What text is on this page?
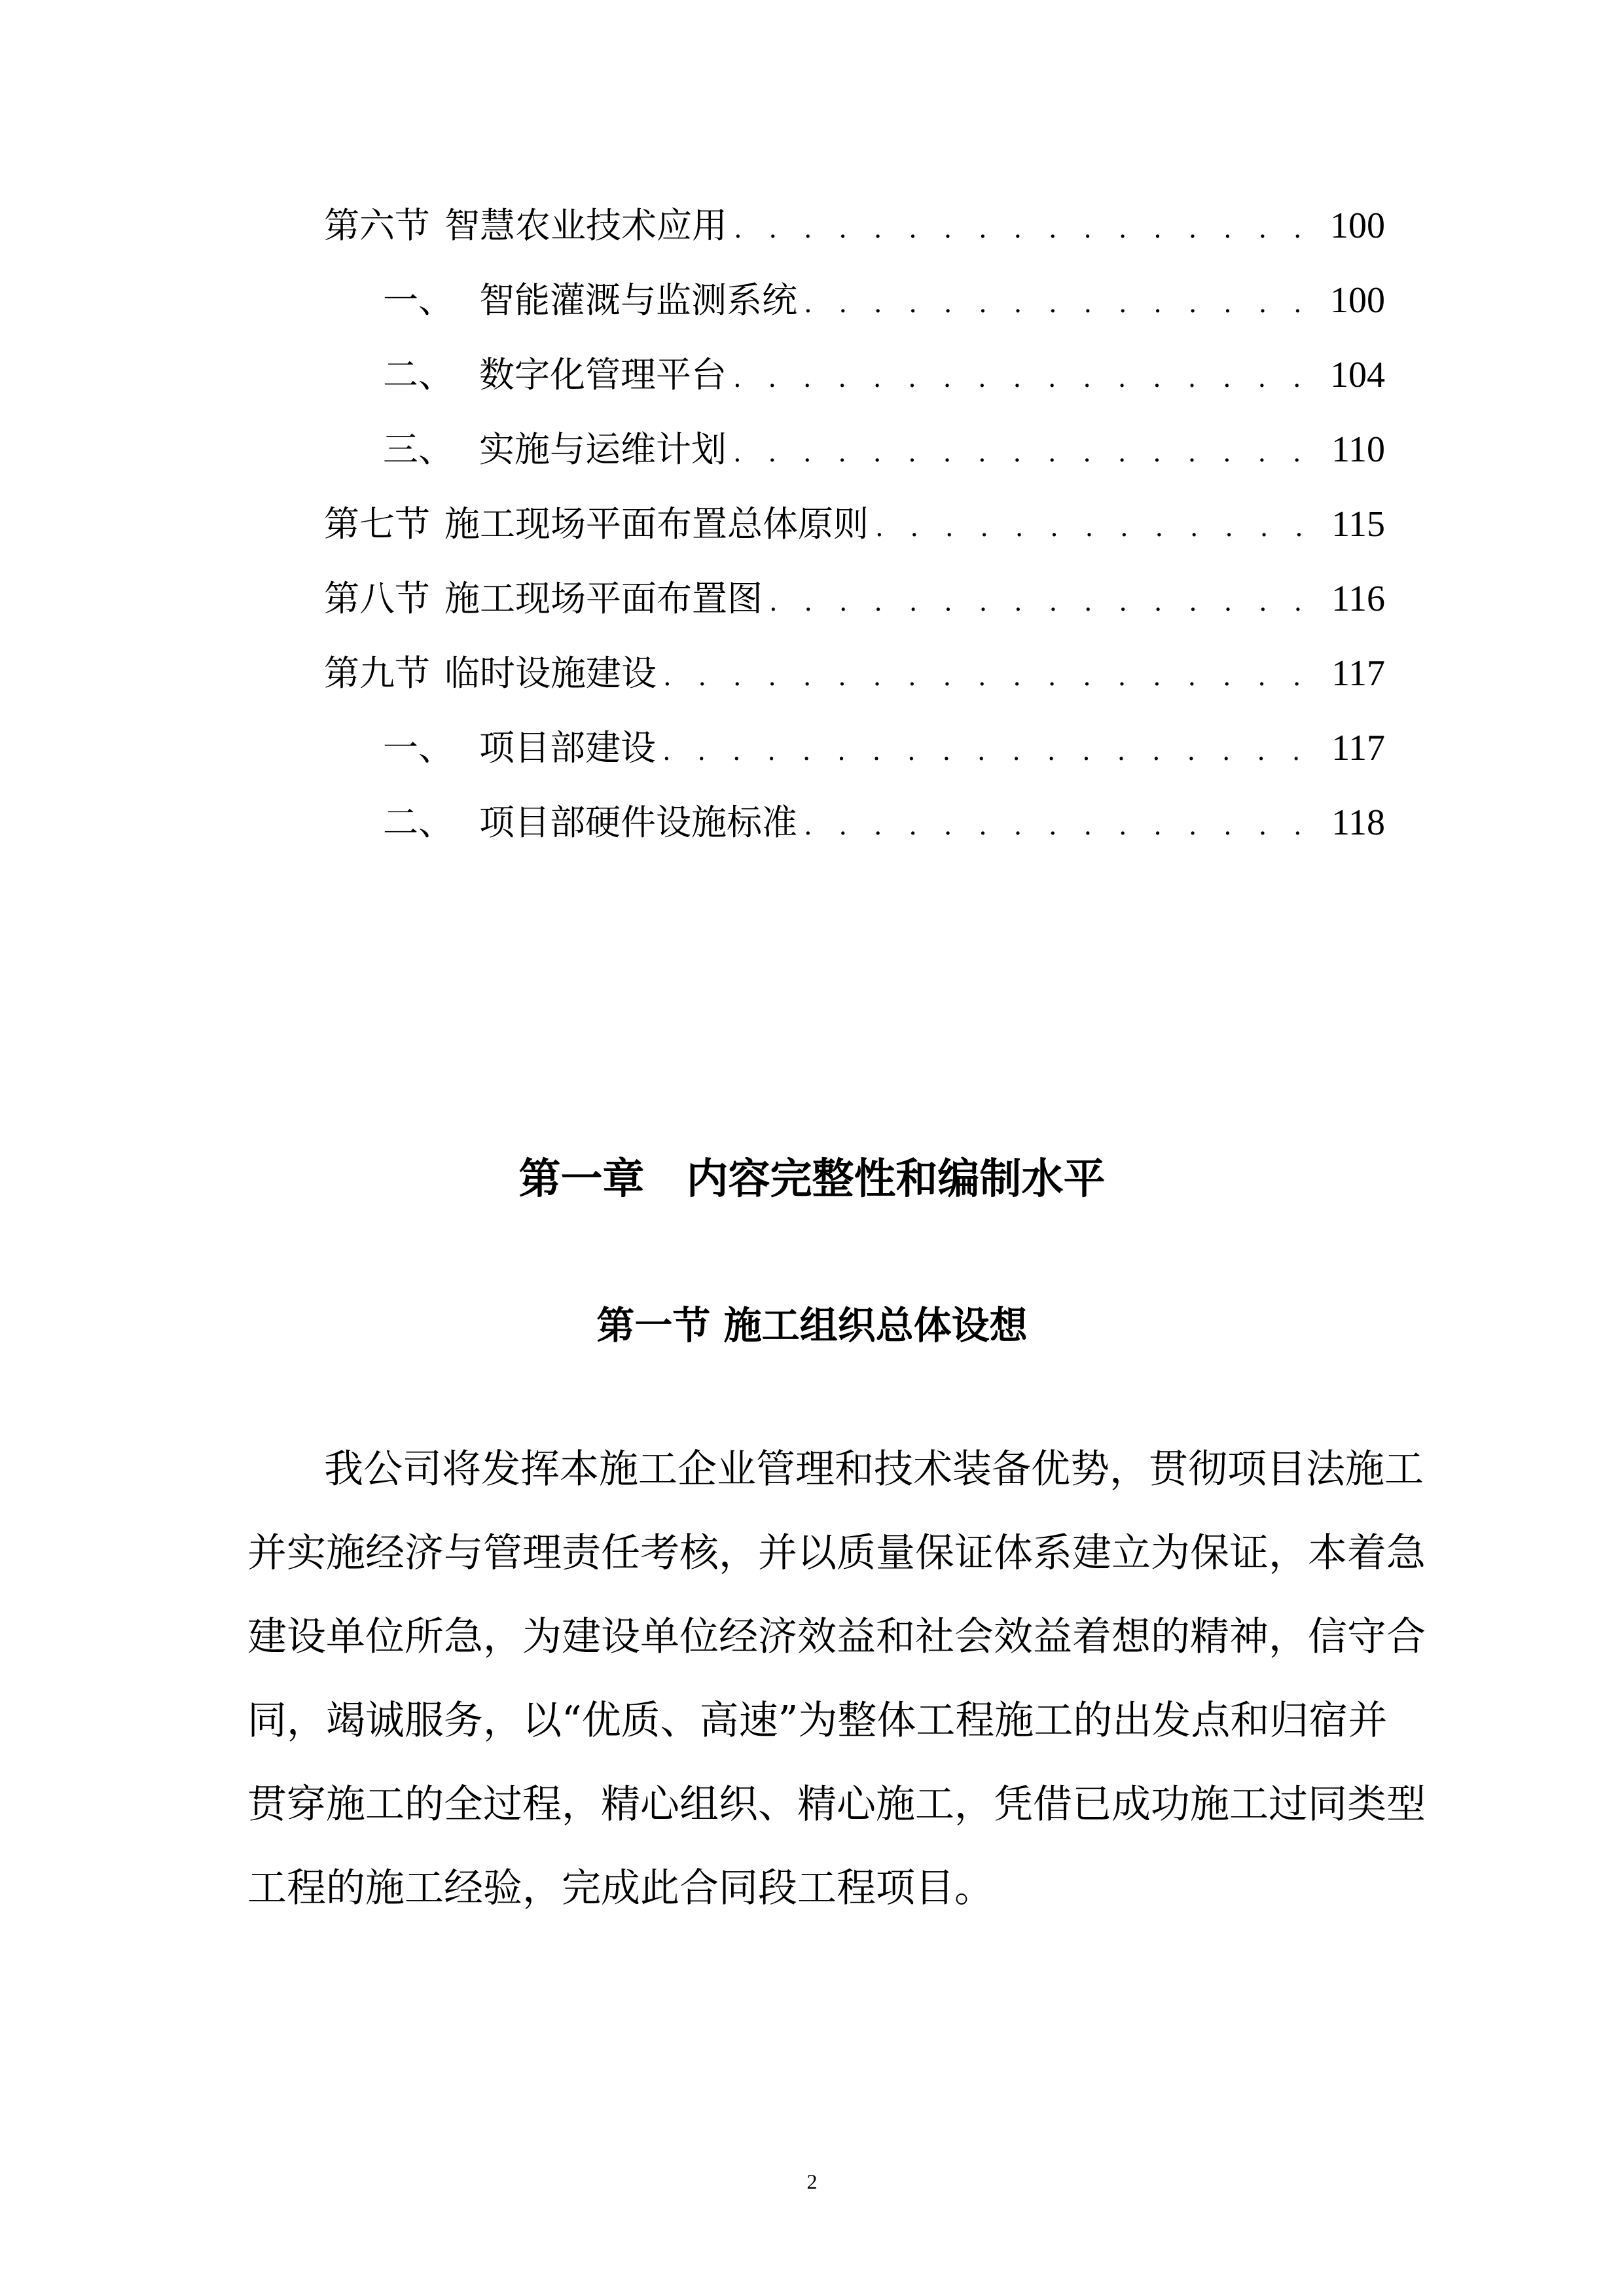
第六节 智慧农业技术应用 . . .	100
一、 智能灌溉与监测系统 . . .	100
二、 数字化管理平台 . . .	104
三、 实施与运维计划 . . .	110
第七节 施工现场平面布置总体原则 . . .	115
第八节 施工现场平面布置图 . . .	116
第九节 临时设施建设 . . .	117
一、 项目部建设 . . .	117
二、 项目部硬件设施标准 . . .	118
第一章　内容完整性和编制水平
第一节 施工组织总体设想
我公司将发挥本施工企业管理和技术装备优势，贯彻项目法施工
并实施经济与管理责任考核，并以质量保证体系建立为保证，本着急
建设单位所急，为建设单位经济效益和社会效益着想的精神，信守合
同，竭诚服务，以“优质、高速”为整体工程施工的出发点和归宿并
贯穿施工的全过程，精心组织、精心施工，凭借已成功施工过同类型
工程的施工经验，完成此合同段工程项目。
2
